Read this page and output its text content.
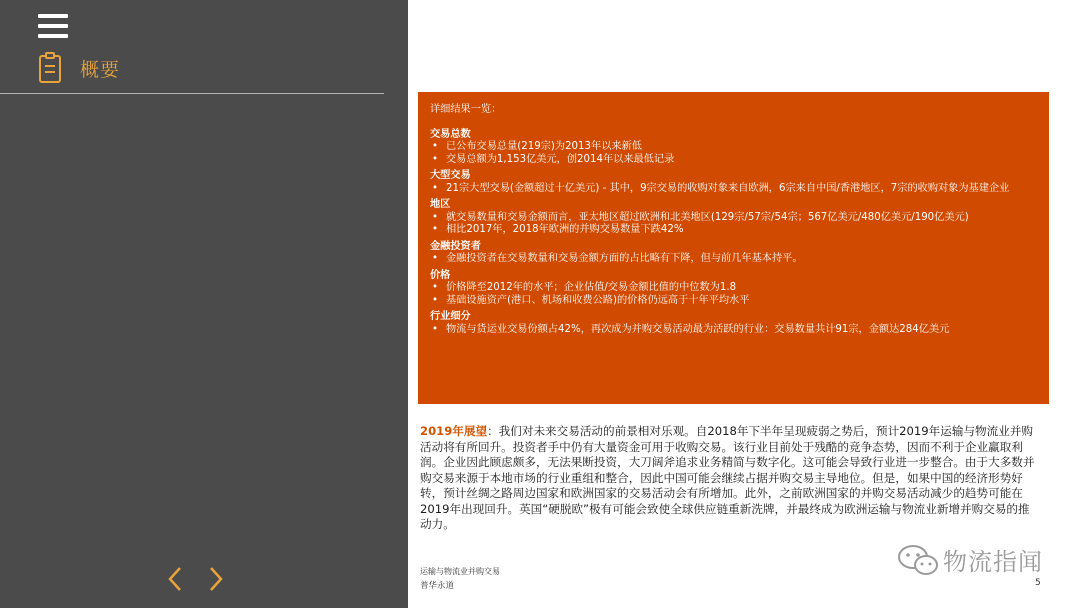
概要
详细结果一览：
交易总数
• 已公布交易总量(219宗)为2013年以来新低
• 交易总额为1,153亿美元，创2014年以来最低记录
大型交易
• 21宗大型交易(金额超过十亿美元) - 其中，9宗交易的收购对象来自欧洲，6宗来自中国/香港地区，7宗的收购对象为基建企业
地区
• 就交易数量和交易金额而言，亚太地区超过欧洲和北美地区(129宗/57宗/54宗；567亿美元/480亿美元/190亿美元)
• 相比2017年，2018年欧洲的并购交易数量下跌42%
金融投资者
• 金融投资者在交易数量和交易金额方面的占比略有下降，但与前几年基本持平。
价格
• 价格降至2012年的水平；企业估值/交易金额比值的中位数为1.8
• 基础设施资产(港口、机场和收费公路)的价格仍远高于十年平均水平
行业细分
• 物流与货运业交易份额占42%，再次成为并购交易活动最为活跃的行业：交易数量共计91宗，金额达284亿美元
2019年展望：我们对未来交易活动的前景相对乐观。自2018年下半年呈现疲弱之势后，预计2019年运输与物流业并购活动将有所回升。投资者手中仍有大量资金可用于收购交易。该行业目前处于残酷的竞争态势，因而不利于企业赢取利润。企业因此顾虑颇多，无法果断投资，大刀阔斧追求业务精简与数字化。这可能会导致行业进一步整合。由于大多数并购交易来源于本地市场的行业重组和整合，因此中国可能会继续占据并购交易主导地位。但是，如果中国的经济形势好转，预计丝绸之路周边国家和欧洲国家的交易活动会有所增加。此外，之前欧洲国家的并购交易活动减少的趋势可能在2019年出现回升。英国“硬脱欧”极有可能会致使全球供应链重新洗牌，并最终成为欧洲运输与物流业新增并购交易的推动力。
运输与物流业并购交易
普华永道	5
物流指闻
